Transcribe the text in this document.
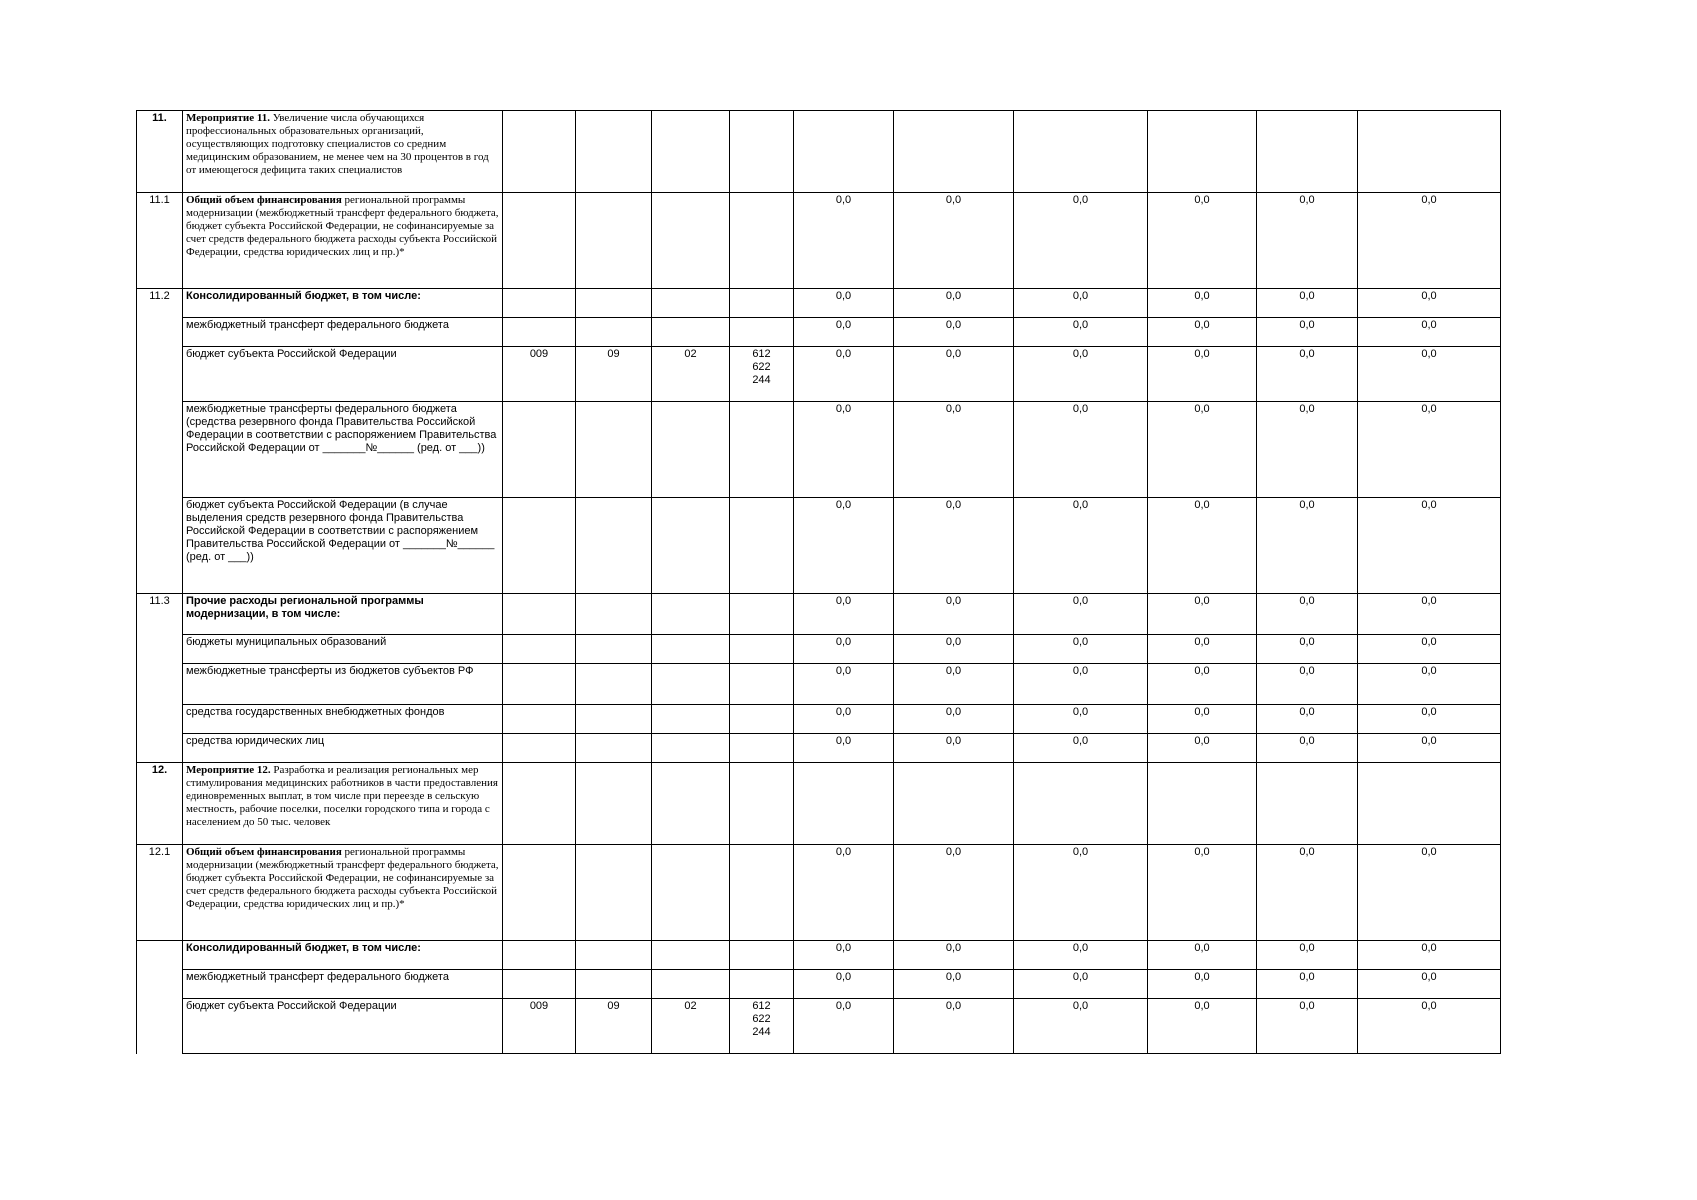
11.	Мероприятие 11. Увеличение числа обучающихся профессиональных образовательных организаций, осуществляющих подготовку специалистов со средним медицинским образованием, не менее чем на 30 процентов в год от имеющегося дефицита таких специалистов										
11.1	Общий объем финансирования региональной программы модернизации (межбюджетный трансферт федерального бюджета, бюджет субъекта Российской Федерации, не софинансируемые за счет средств федерального бюджета расходы субъекта Российской Федерации, средства юридических лиц и пр.)*					0,0	0,0	0,0	0,0	0,0	0,0
11.2	Консолидированный бюджет, в том числе:					0,0	0,0	0,0	0,0	0,0	0,0
	межбюджетный трансферт федерального бюджета					0,0	0,0	0,0	0,0	0,0	0,0
	бюджет субъекта Российской Федерации	009	09	02	612
622
244	0,0	0,0	0,0	0,0	0,0	0,0
	межбюджетные трансферты федерального бюджета (средства резервного фонда Правительства Российской Федерации в соответствии с распоряжением Правительства Российской Федерации от _______№______ (ред. от ___))					0,0	0,0	0,0	0,0	0,0	0,0
	бюджет субъекта Российской Федерации (в случае выделения средств резервного фонда Правительства Российской Федерации в соответствии с распоряжением Правительства Российской Федерации от _______№______ (ред. от ___))					0,0	0,0	0,0	0,0	0,0	0,0
11.3	Прочие расходы региональной программы модернизации, в том числе:					0,0	0,0	0,0	0,0	0,0	0,0
	бюджеты муниципальных образований					0,0	0,0	0,0	0,0	0,0	0,0
	межбюджетные трансферты из бюджетов субъектов РФ					0,0	0,0	0,0	0,0	0,0	0,0
	средства государственных внебюджетных фондов					0,0	0,0	0,0	0,0	0,0	0,0
	средства юридических лиц					0,0	0,0	0,0	0,0	0,0	0,0
12.	Мероприятие 12. Разработка и реализация региональных мер стимулирования медицинских работников в части предоставления единовременных выплат, в том числе при переезде в сельскую местность, рабочие поселки, поселки городского типа и города с населением до 50 тыс. человек										
12.1	Общий объем финансирования региональной программы модернизации (межбюджетный трансферт федерального бюджета, бюджет субъекта Российской Федерации, не софинансируемые за счет средств федерального бюджета расходы субъекта Российской Федерации, средства юридических лиц и пр.)*					0,0	0,0	0,0	0,0	0,0	0,0
	Консолидированный бюджет, в том числе:					0,0	0,0	0,0	0,0	0,0	0,0
	межбюджетный трансферт федерального бюджета					0,0	0,0	0,0	0,0	0,0	0,0
	бюджет субъекта Российской Федерации	009	09	02	612
622
244	0,0	0,0	0,0	0,0	0,0	0,0
